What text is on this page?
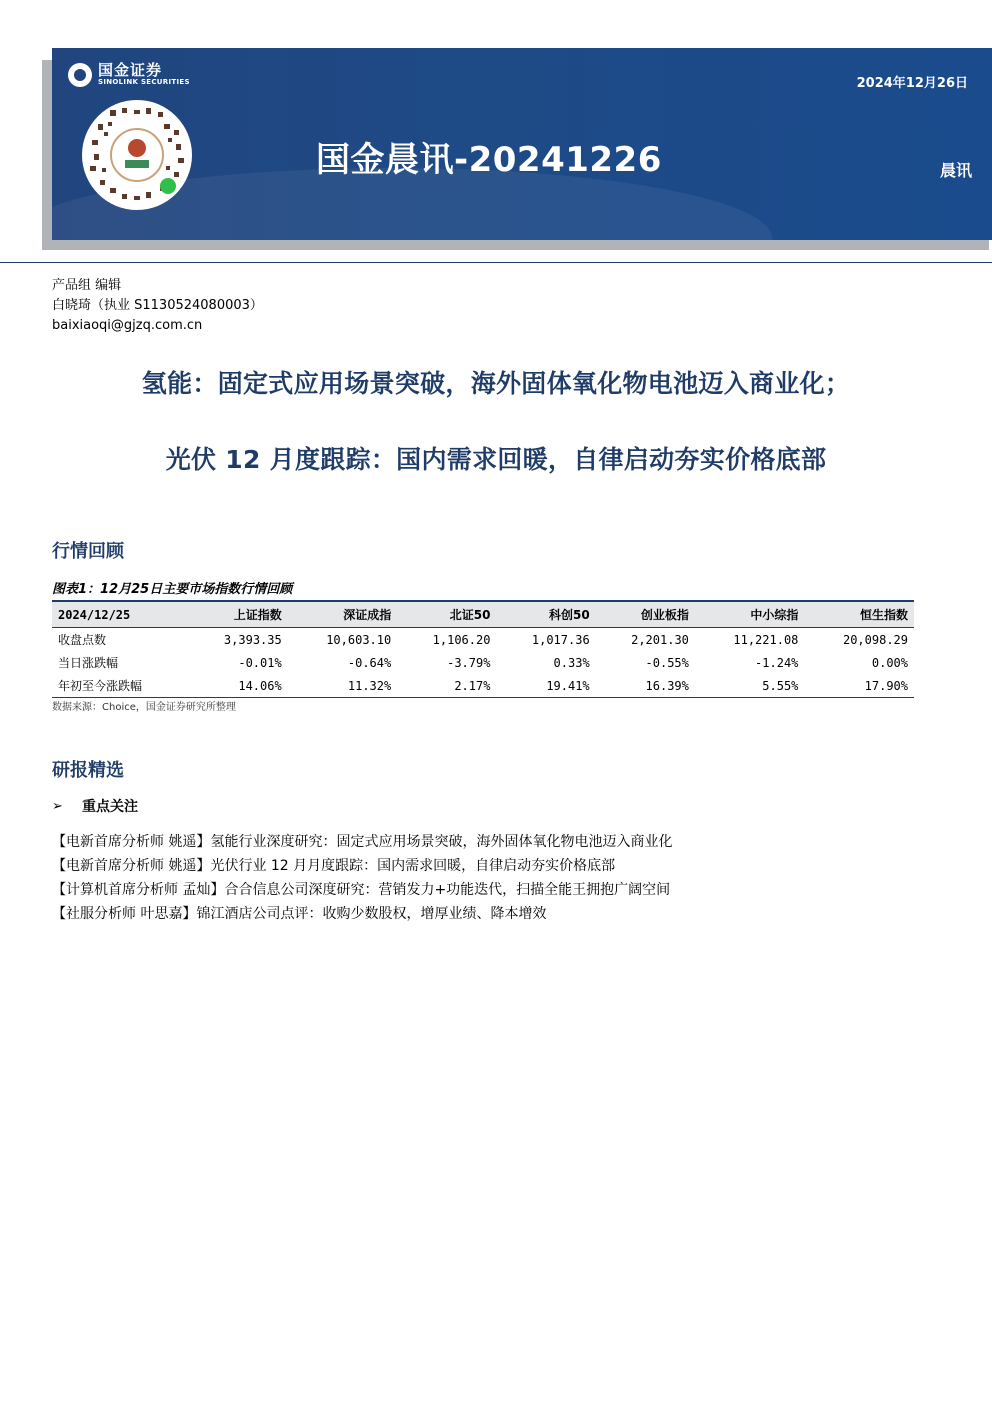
国金证券
SINOLINK SECURITIES	2024年12月26日
国金晨讯-20241226	晨讯
产品组 编辑
白晓琦（执业 S1130524080003）
baixiaoqi@gjzq.com.cn
氢能：固定式应用场景突破，海外固体氧化物电池迈入商业化；
光伏 12 月度跟踪：国内需求回暖，自律启动夯实价格底部
行情回顾
图表1：12月25日主要市场指数行情回顾
2024/12/25	上证指数	深证成指	北证50	科创50	创业板指	中小综指	恒生指数
收盘点数	3,393.35	10,603.10	1,106.20	1,017.36	2,201.30	11,221.08	20,098.29
当日涨跌幅	-0.01%	-0.64%	-3.79%	0.33%	-0.55%	-1.24%	0.00%
年初至今涨跌幅	14.06%	11.32%	2.17%	19.41%	16.39%	5.55%	17.90%
数据来源：Choice，国金证券研究所整理
研报精选
➢	重点关注
【电新首席分析师 姚遥】氢能行业深度研究：固定式应用场景突破，海外固体氧化物电池迈入商业化
【电新首席分析师 姚遥】光伏行业 12 月月度跟踪：国内需求回暖，自律启动夯实价格底部
【计算机首席分析师 孟灿】合合信息公司深度研究：营销发力+功能迭代，扫描全能王拥抱广阔空间
【社服分析师 叶思嘉】锦江酒店公司点评：收购少数股权，增厚业绩、降本增效
